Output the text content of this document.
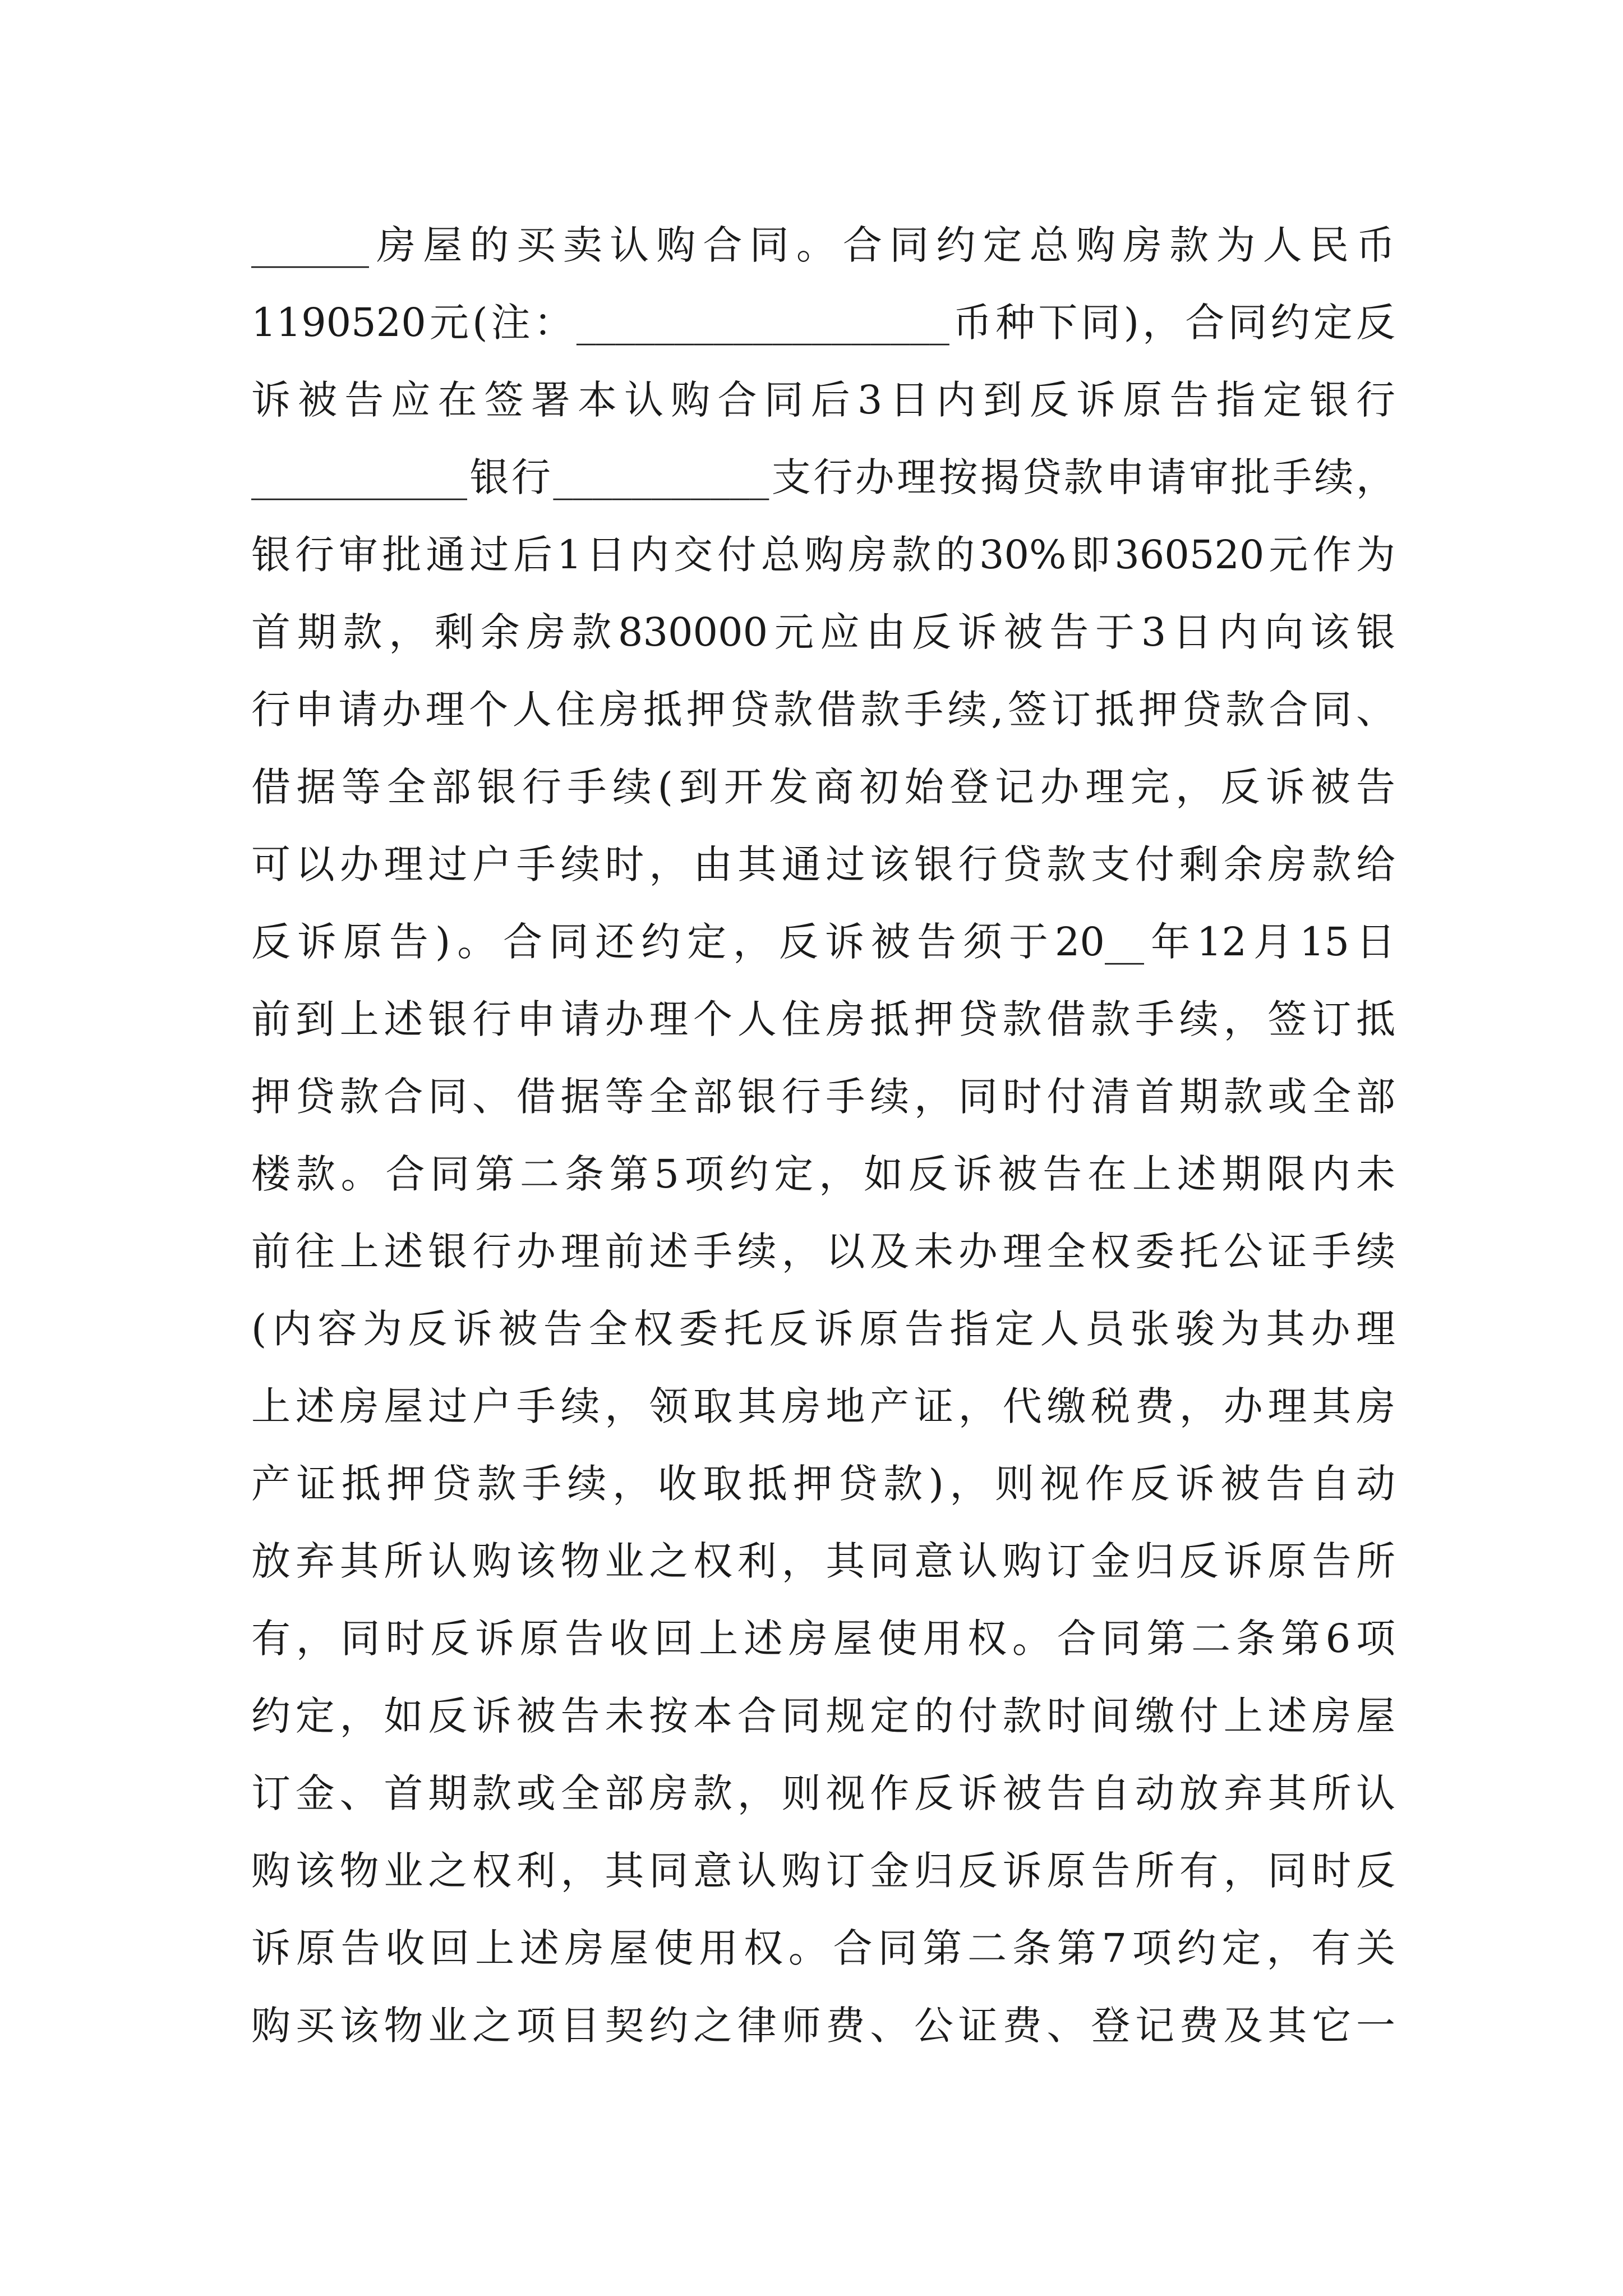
______房屋的买卖认购合同。合同约定总购房款为人民币
1190520元(注：___________________币种下同)，合同约定反
诉被告应在签署本认购合同后3日内到反诉原告指定银行
___________银行___________支行办理按揭贷款申请审批手续，
银行审批通过后1日内交付总购房款的30%即360520元作为
首期款，剩余房款830000元应由反诉被告于3日内向该银
行申请办理个人住房抵押贷款借款手续,签订抵押贷款合同、
借据等全部银行手续(到开发商初始登记办理完，反诉被告
可以办理过户手续时，由其通过该银行贷款支付剩余房款给
反诉原告)。合同还约定，反诉被告须于20__年12月15日
前到上述银行申请办理个人住房抵押贷款借款手续，签订抵
押贷款合同、借据等全部银行手续，同时付清首期款或全部
楼款。合同第二条第5项约定，如反诉被告在上述期限内未
前往上述银行办理前述手续，以及未办理全权委托公证手续
(内容为反诉被告全权委托反诉原告指定人员张骏为其办理
上述房屋过户手续，领取其房地产证，代缴税费，办理其房
产证抵押贷款手续，收取抵押贷款)，则视作反诉被告自动
放弃其所认购该物业之权利，其同意认购订金归反诉原告所
有，同时反诉原告收回上述房屋使用权。合同第二条第6项
约定，如反诉被告未按本合同规定的付款时间缴付上述房屋
订金、首期款或全部房款，则视作反诉被告自动放弃其所认
购该物业之权利，其同意认购订金归反诉原告所有，同时反
诉原告收回上述房屋使用权。合同第二条第7项约定，有关
购买该物业之项目契约之律师费、公证费、登记费及其它一
